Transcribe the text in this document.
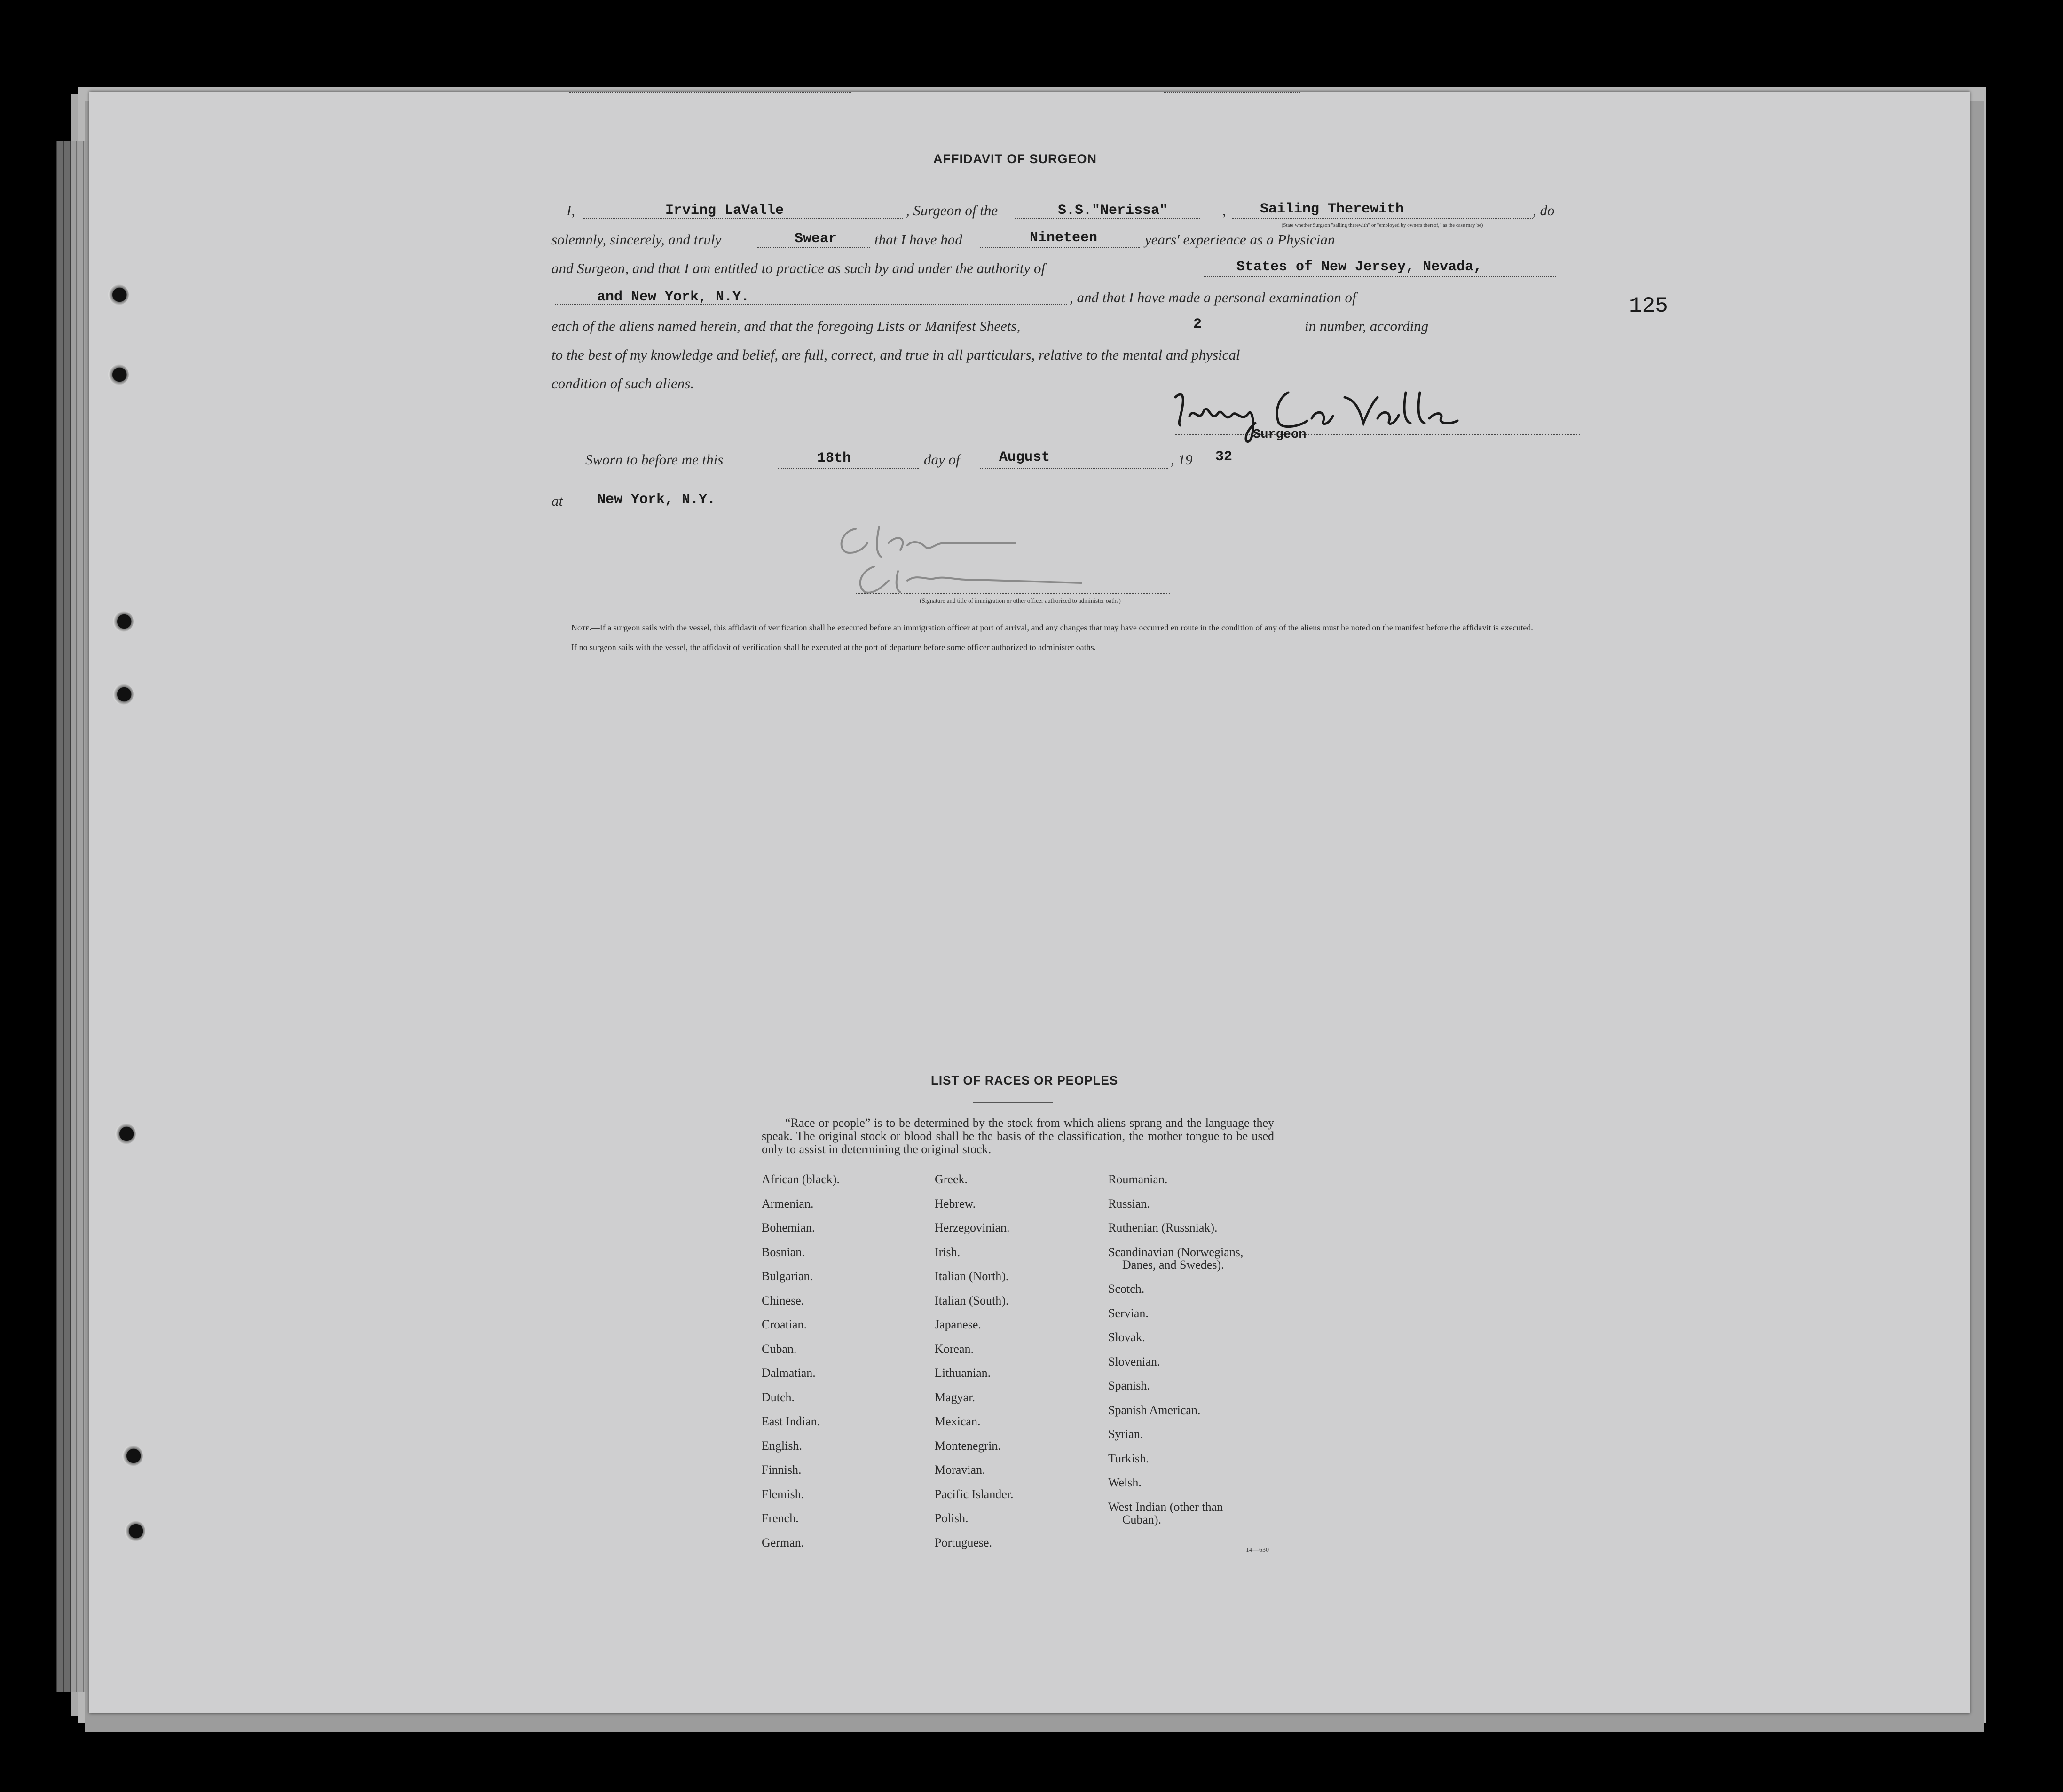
125
AFFIDAVIT OF SURGEON
I,	Irving LaValle	, Surgeon of the	S.S."Nerissa"	, Sailing Therewith	, do
(State whether Surgeon "sailing therewith" or "employed by owners thereof," as the case may be)
solemnly, sincerely, and truly	Swear	that I have had	Nineteen	years' experience as a Physician
and Surgeon, and that I am entitled to practice as such by and under the authority of	States of New Jersey, Nevada,
and New York, N.Y.	, and that I have made a personal examination of
each of the aliens named herein, and that the foregoing Lists or Manifest Sheets,	2	in number, according
to the best of my knowledge and belief, are full, correct, and true in all particulars, relative to the mental and physical
condition of such aliens.
Surgeon
Sworn to before me this	18th	day of	August	, 19 32
at New York, N.Y.
(Signature and title of immigration or other officer authorized to administer oaths)
Note.—If a surgeon sails with the vessel, this affidavit of verification shall be executed before an immigration officer at port of arrival, and any changes that may have occurred en route in the condition of any of the aliens must be noted on the manifest before the affidavit is executed.
If no surgeon sails with the vessel, the affidavit of verification shall be executed at the port of departure before some officer authorized to administer oaths.
LIST OF RACES OR PEOPLES
“Race or people” is to be determined by the stock from which aliens sprang and the language they speak. The original stock or blood shall be the basis of the classification, the mother tongue to be used only to assist in determining the original stock.
African (black).
Armenian.
Bohemian.
Bosnian.
Bulgarian.
Chinese.
Croatian.
Cuban.
Dalmatian.
Dutch.
East Indian.
English.
Finnish.
Flemish.
French.
German.
Greek.
Hebrew.
Herzegovinian.
Irish.
Italian (North).
Italian (South).
Japanese.
Korean.
Lithuanian.
Magyar.
Mexican.
Montenegrin.
Moravian.
Pacific Islander.
Polish.
Portuguese.
Roumanian.
Russian.
Ruthenian (Russniak).
Scandinavian (Norwegians,
Danes, and Swedes).
Scotch.
Servian.
Slovak.
Slovenian.
Spanish.
Spanish American.
Syrian.
Turkish.
Welsh.
West Indian (other than
Cuban).
14—630
